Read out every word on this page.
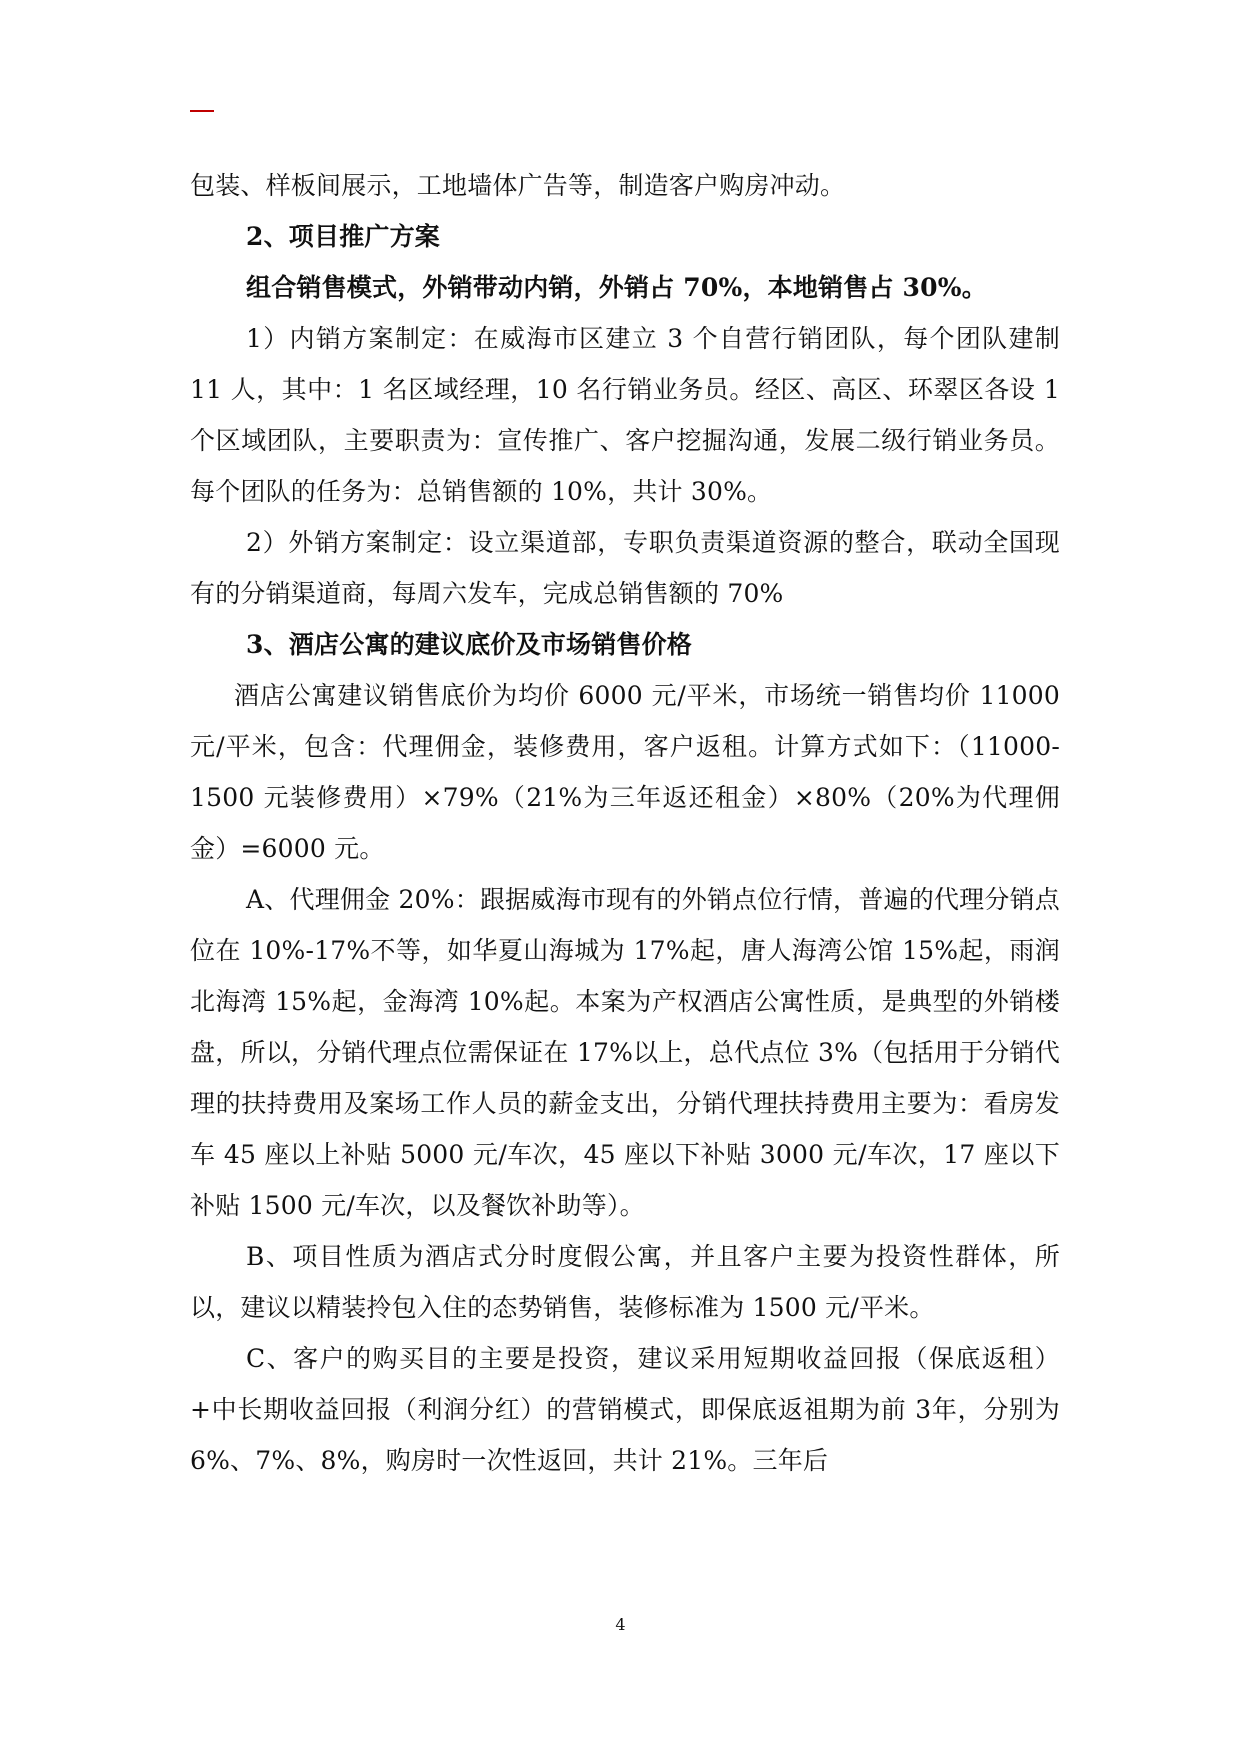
包装、样板间展示，工地墙体广告等，制造客户购房冲动。

2、项目推广方案

组合销售模式，外销带动内销，外销占 70%，本地销售占 30%。

1）内销方案制定：在威海市区建立 3 个自营行销团队，每个团队建制 11 人，其中：1 名区域经理，10 名行销业务员。经区、高区、环翠区各设 1 个区域团队，主要职责为：宣传推广、客户挖掘沟通，发展二级行销业务员。每个团队的任务为：总销售额的 10%，共计 30%。

2）外销方案制定：设立渠道部，专职负责渠道资源的整合，联动全国现有的分销渠道商，每周六发车，完成总销售额的 70%

3、酒店公寓的建议底价及市场销售价格

酒店公寓建议销售底价为均价 6000 元/平米，市场统一销售均价 11000 元/平米，包含：代理佣金，装修费用，客户返租。计算方式如下：（11000-1500 元装修费用）×79%（21%为三年返还租金）×80%（20%为代理佣金）=6000 元。

A、代理佣金 20%：跟据威海市现有的外销点位行情，普遍的代理分销点位在 10%-17%不等，如华夏山海城为 17%起，唐人海湾公馆 15%起，雨润北海湾 15%起，金海湾 10%起。本案为产权酒店公寓性质，是典型的外销楼盘，所以，分销代理点位需保证在 17%以上，总代点位 3%（包括用于分销代理的扶持费用及案场工作人员的薪金支出，分销代理扶持费用主要为：看房发车 45 座以上补贴 5000 元/车次，45 座以下补贴 3000 元/车次，17 座以下补贴 1500 元/车次，以及餐饮补助等）。

B、项目性质为酒店式分时度假公寓，并且客户主要为投资性群体，所以，建议以精装拎包入住的态势销售，装修标准为 1500 元/平米。

C、客户的购买目的主要是投资，建议采用短期收益回报（保底返租）+中长期收益回报（利润分红）的营销模式，即保底返祖期为前 3年，分别为 6%、7%、8%，购房时一次性返回，共计 21%。三年后

4
